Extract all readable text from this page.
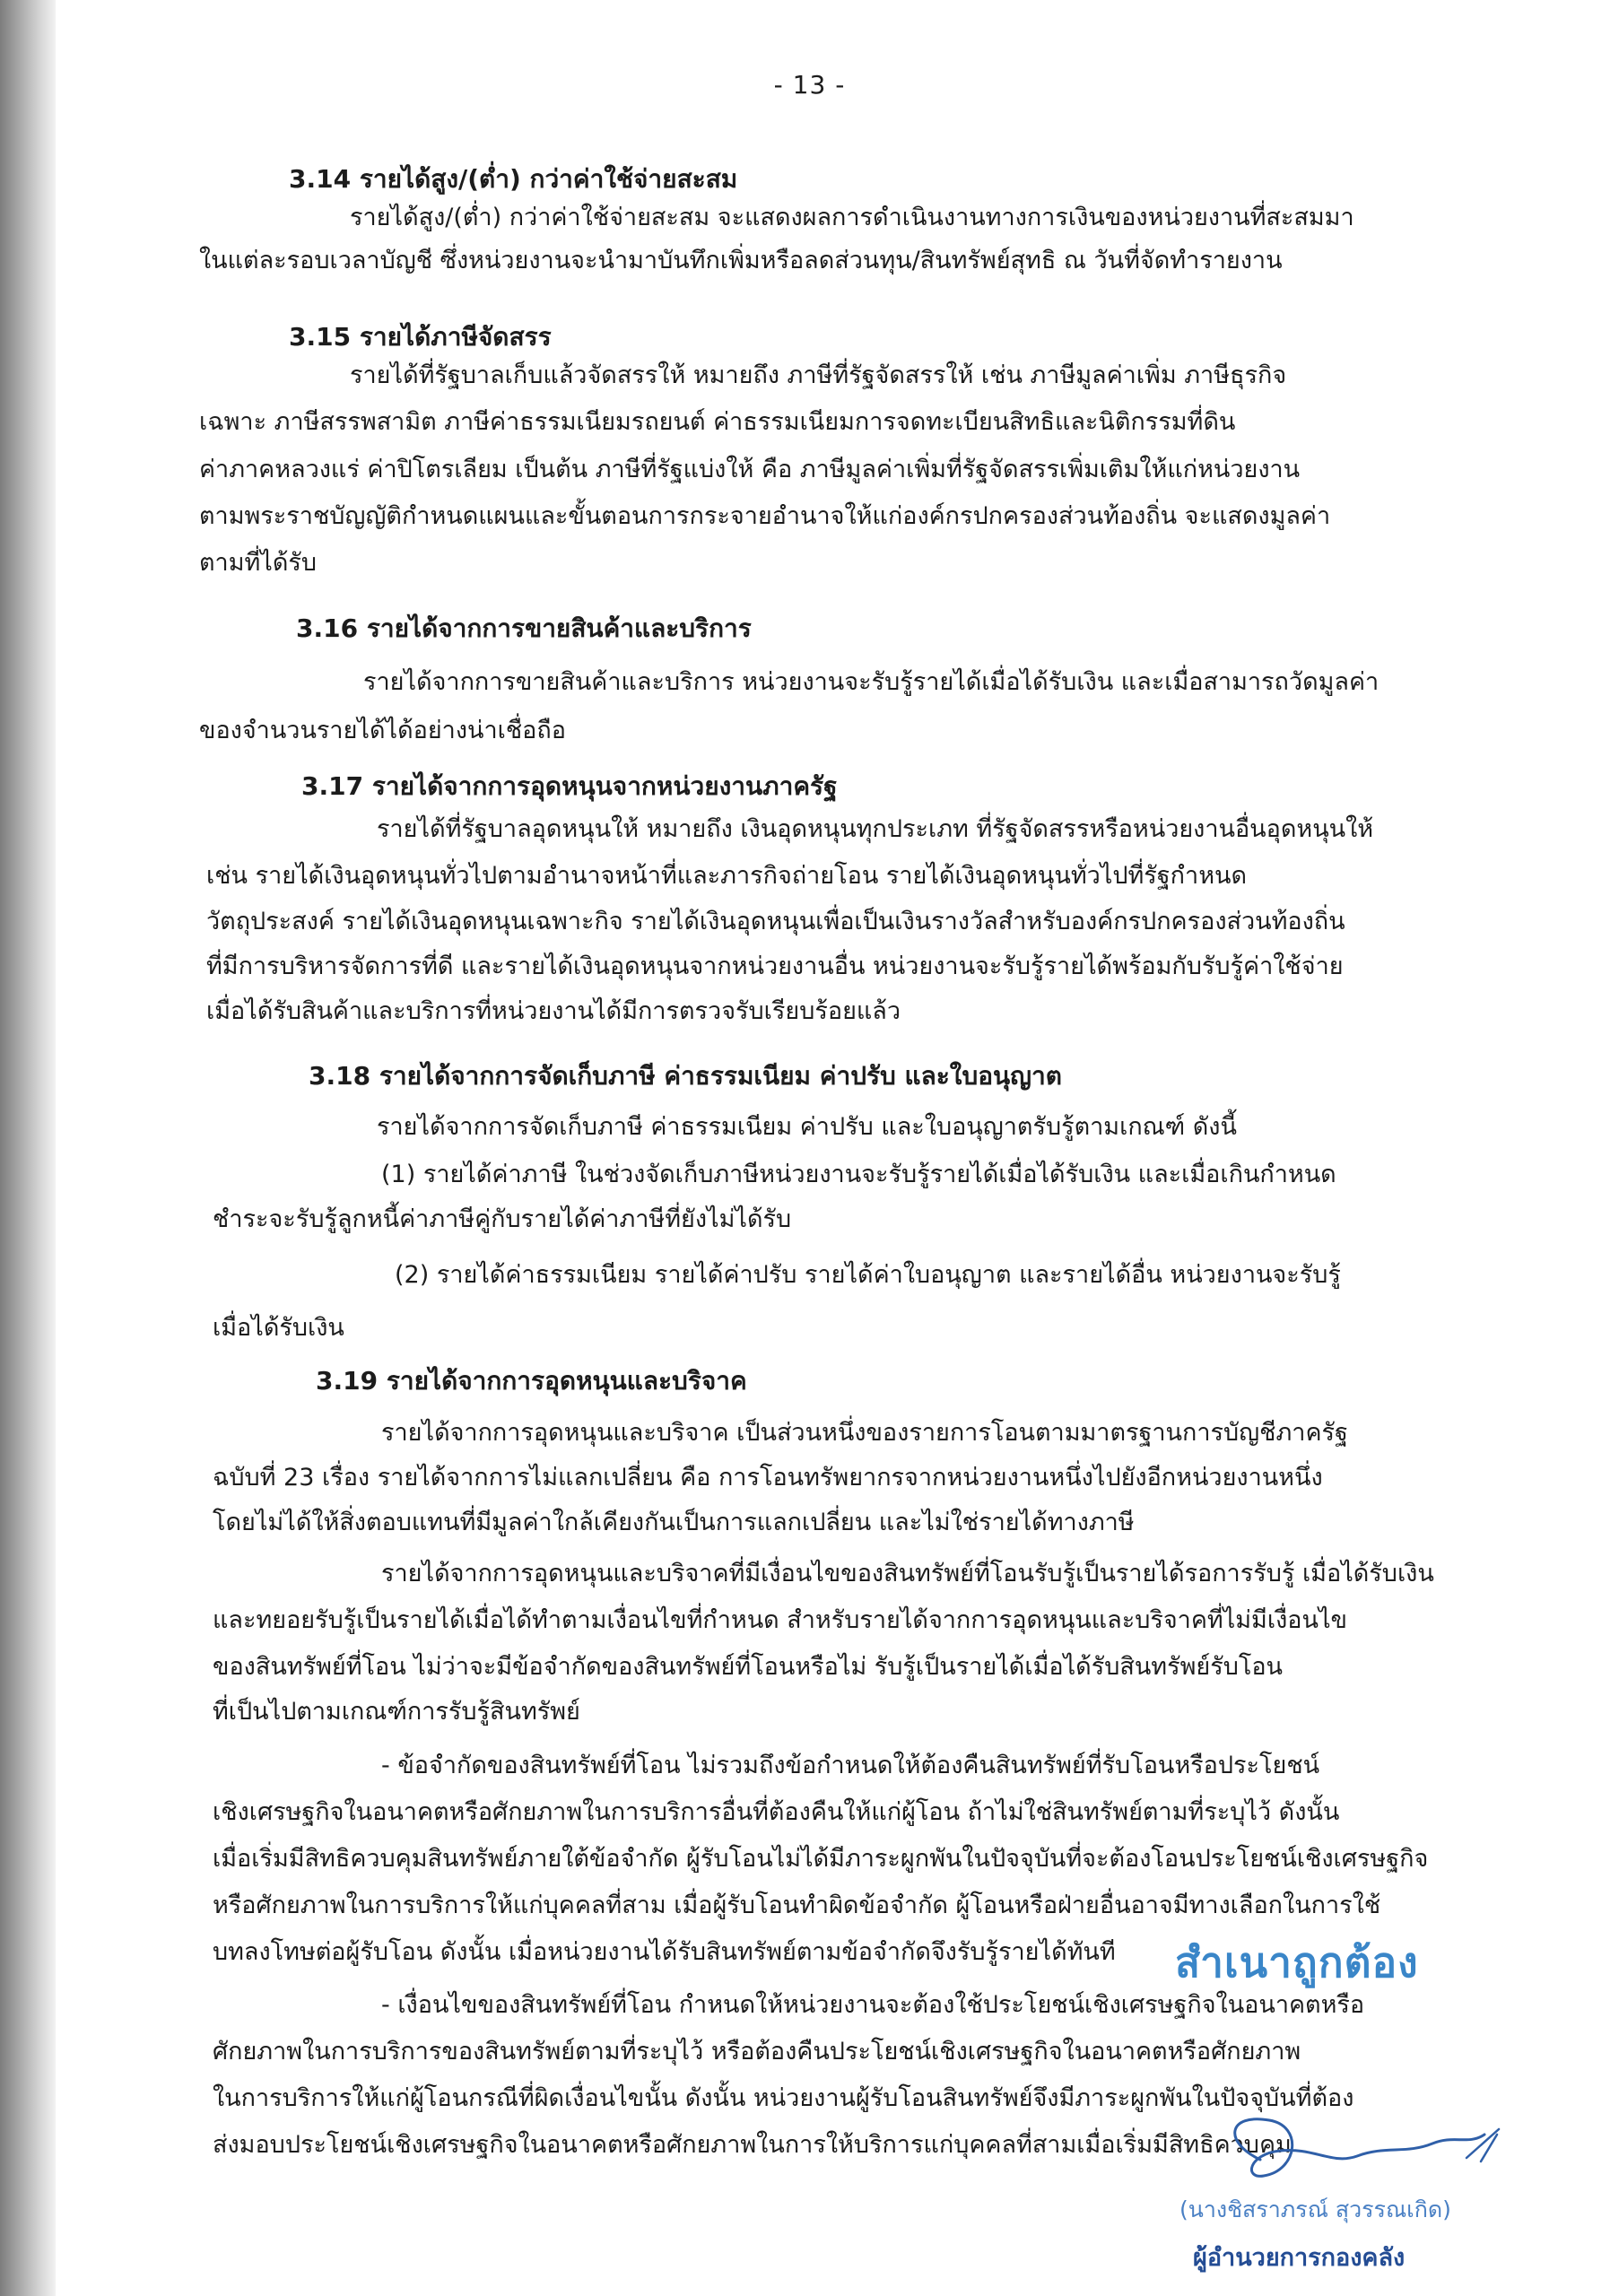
- 13 -
3.14 รายได้สูง/(ต่ำ) กว่าค่าใช้จ่ายสะสม
รายได้สูง/(ต่ำ) กว่าค่าใช้จ่ายสะสม จะแสดงผลการดำเนินงานทางการเงินของหน่วยงานที่สะสมมา
ในแต่ละรอบเวลาบัญชี ซึ่งหน่วยงานจะนำมาบันทึกเพิ่มหรือลดส่วนทุน/สินทรัพย์สุทธิ ณ วันที่จัดทำรายงาน
3.15 รายได้ภาษีจัดสรร
รายได้ที่รัฐบาลเก็บแล้วจัดสรรให้ หมายถึง ภาษีที่รัฐจัดสรรให้ เช่น ภาษีมูลค่าเพิ่ม ภาษีธุรกิจ
เฉพาะ ภาษีสรรพสามิต ภาษีค่าธรรมเนียมรถยนต์ ค่าธรรมเนียมการจดทะเบียนสิทธิและนิติกรรมที่ดิน
ค่าภาคหลวงแร่ ค่าปิโตรเลียม เป็นต้น ภาษีที่รัฐแบ่งให้ คือ ภาษีมูลค่าเพิ่มที่รัฐจัดสรรเพิ่มเติมให้แก่หน่วยงาน
ตามพระราชบัญญัติกำหนดแผนและขั้นตอนการกระจายอำนาจให้แก่องค์กรปกครองส่วนท้องถิ่น จะแสดงมูลค่า
ตามที่ได้รับ
3.16 รายได้จากการขายสินค้าและบริการ
รายได้จากการขายสินค้าและบริการ หน่วยงานจะรับรู้รายได้เมื่อได้รับเงิน และเมื่อสามารถวัดมูลค่า
ของจำนวนรายได้ได้อย่างน่าเชื่อถือ
3.17 รายได้จากการอุดหนุนจากหน่วยงานภาครัฐ
รายได้ที่รัฐบาลอุดหนุนให้ หมายถึง เงินอุดหนุนทุกประเภท ที่รัฐจัดสรรหรือหน่วยงานอื่นอุดหนุนให้
เช่น รายได้เงินอุดหนุนทั่วไปตามอำนาจหน้าที่และภารกิจถ่ายโอน รายได้เงินอุดหนุนทั่วไปที่รัฐกำหนด
วัตถุประสงค์ รายได้เงินอุดหนุนเฉพาะกิจ รายได้เงินอุดหนุนเพื่อเป็นเงินรางวัลสำหรับองค์กรปกครองส่วนท้องถิ่น
ที่มีการบริหารจัดการที่ดี และรายได้เงินอุดหนุนจากหน่วยงานอื่น หน่วยงานจะรับรู้รายได้พร้อมกับรับรู้ค่าใช้จ่าย
เมื่อได้รับสินค้าและบริการที่หน่วยงานได้มีการตรวจรับเรียบร้อยแล้ว
3.18 รายได้จากการจัดเก็บภาษี ค่าธรรมเนียม ค่าปรับ และใบอนุญาต
รายได้จากการจัดเก็บภาษี ค่าธรรมเนียม ค่าปรับ และใบอนุญาตรับรู้ตามเกณฑ์ ดังนี้
(1) รายได้ค่าภาษี ในช่วงจัดเก็บภาษีหน่วยงานจะรับรู้รายได้เมื่อได้รับเงิน และเมื่อเกินกำหนด
ชำระจะรับรู้ลูกหนี้ค่าภาษีคู่กับรายได้ค่าภาษีที่ยังไม่ได้รับ
(2) รายได้ค่าธรรมเนียม รายได้ค่าปรับ รายได้ค่าใบอนุญาต และรายได้อื่น หน่วยงานจะรับรู้
เมื่อได้รับเงิน
3.19 รายได้จากการอุดหนุนและบริจาค
รายได้จากการอุดหนุนและบริจาค เป็นส่วนหนึ่งของรายการโอนตามมาตรฐานการบัญชีภาครัฐ
ฉบับที่ 23 เรื่อง รายได้จากการไม่แลกเปลี่ยน คือ การโอนทรัพยากรจากหน่วยงานหนึ่งไปยังอีกหน่วยงานหนึ่ง
โดยไม่ได้ให้สิ่งตอบแทนที่มีมูลค่าใกล้เคียงกันเป็นการแลกเปลี่ยน และไม่ใช่รายได้ทางภาษี
รายได้จากการอุดหนุนและบริจาคที่มีเงื่อนไขของสินทรัพย์ที่โอนรับรู้เป็นรายได้รอการรับรู้ เมื่อได้รับเงิน
และทยอยรับรู้เป็นรายได้เมื่อได้ทำตามเงื่อนไขที่กำหนด สำหรับรายได้จากการอุดหนุนและบริจาคที่ไม่มีเงื่อนไข
ของสินทรัพย์ที่โอน ไม่ว่าจะมีข้อจำกัดของสินทรัพย์ที่โอนหรือไม่ รับรู้เป็นรายได้เมื่อได้รับสินทรัพย์รับโอน
ที่เป็นไปตามเกณฑ์การรับรู้สินทรัพย์
- ข้อจำกัดของสินทรัพย์ที่โอน ไม่รวมถึงข้อกำหนดให้ต้องคืนสินทรัพย์ที่รับโอนหรือประโยชน์
เชิงเศรษฐกิจในอนาคตหรือศักยภาพในการบริการอื่นที่ต้องคืนให้แก่ผู้โอน ถ้าไม่ใช่สินทรัพย์ตามที่ระบุไว้ ดังนั้น
เมื่อเริ่มมีสิทธิควบคุมสินทรัพย์ภายใต้ข้อจำกัด ผู้รับโอนไม่ได้มีภาระผูกพันในปัจจุบันที่จะต้องโอนประโยชน์เชิงเศรษฐกิจ
หรือศักยภาพในการบริการให้แก่บุคคลที่สาม เมื่อผู้รับโอนทำผิดข้อจำกัด ผู้โอนหรือฝ่ายอื่นอาจมีทางเลือกในการใช้
บทลงโทษต่อผู้รับโอน ดังนั้น เมื่อหน่วยงานได้รับสินทรัพย์ตามข้อจำกัดจึงรับรู้รายได้ทันที
- เงื่อนไขของสินทรัพย์ที่โอน กำหนดให้หน่วยงานจะต้องใช้ประโยชน์เชิงเศรษฐกิจในอนาคตหรือ
ศักยภาพในการบริการของสินทรัพย์ตามที่ระบุไว้ หรือต้องคืนประโยชน์เชิงเศรษฐกิจในอนาคตหรือศักยภาพ
ในการบริการให้แก่ผู้โอนกรณีที่ผิดเงื่อนไขนั้น ดังนั้น หน่วยงานผู้รับโอนสินทรัพย์จึงมีภาระผูกพันในปัจจุบันที่ต้อง
ส่งมอบประโยชน์เชิงเศรษฐกิจในอนาคตหรือศักยภาพในการให้บริการแก่บุคคลที่สามเมื่อเริ่มมีสิทธิควบคุม
สำเนาถูกต้อง
(นางชิสราภรณ์ สุวรรณเกิด)
ผู้อำนวยการกองคลัง
